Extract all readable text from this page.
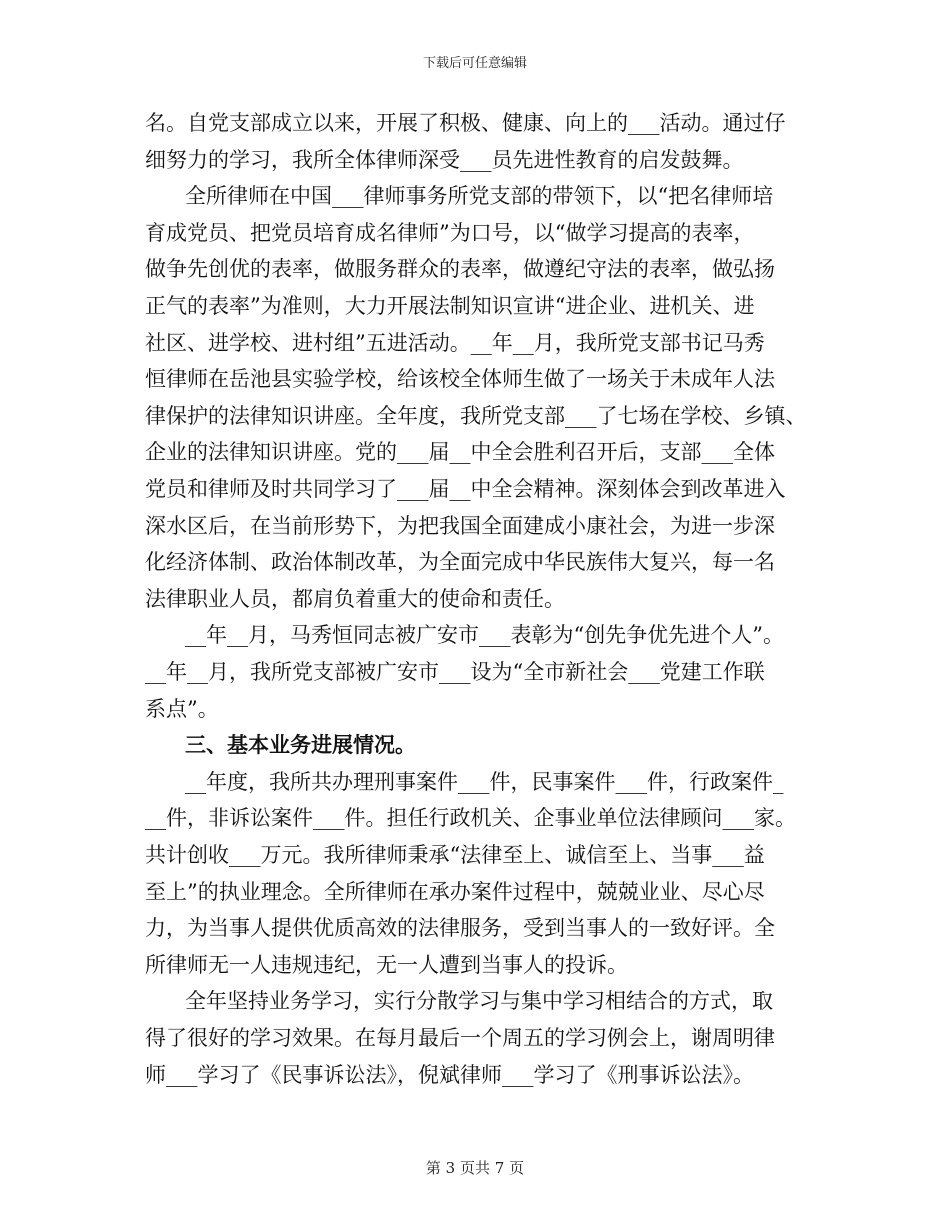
下载后可任意编辑
名。自党支部成立以来，开展了积极、健康、向上的___活动。通过仔
细努力的学习，我所全体律师深受___员先进性教育的启发鼓舞。
全所律师在中国___律师事务所党支部的带领下，以“把名律师培
育成党员、把党员培育成名律师”为口号，以“做学习提高的表率，
做争先创优的表率，做服务群众的表率，做遵纪守法的表率，做弘扬
正气的表率”为准则，大力开展法制知识宣讲“进企业、进机关、进
社区、进学校、进村组”五进活动。__年__月，我所党支部书记马秀
恒律师在岳池县实验学校，给该校全体师生做了一场关于未成年人法
律保护的法律知识讲座。全年度，我所党支部___了七场在学校、乡镇、
企业的法律知识讲座。党的___届__中全会胜利召开后，支部___全体
党员和律师及时共同学习了___届__中全会精神。深刻体会到改革进入
深水区后，在当前形势下，为把我国全面建成小康社会，为进一步深
化经济体制、政治体制改革，为全面完成中华民族伟大复兴，每一名
法律职业人员，都肩负着重大的使命和责任。
__年__月，马秀恒同志被广安市___表彰为“创先争优先进个人”。
__年__月，我所党支部被广安市___设为“全市新社会___党建工作联
系点”。
三、基本业务进展情况。
__年度，我所共办理刑事案件___件，民事案件___件，行政案件_
__件，非诉讼案件___件。担任行政机关、企事业单位法律顾问___家。
共计创收___万元。我所律师秉承“法律至上、诚信至上、当事___益
至上”的执业理念。全所律师在承办案件过程中，兢兢业业、尽心尽
力，为当事人提供优质高效的法律服务，受到当事人的一致好评。全
所律师无一人违规违纪，无一人遭到当事人的投诉。
全年坚持业务学习，实行分散学习与集中学习相结合的方式，取
得了很好的学习效果。在每月最后一个周五的学习例会上，谢周明律
师___学习了《民事诉讼法》，倪斌律师___学习了《刑事诉讼法》。
第 3 页共 7 页
